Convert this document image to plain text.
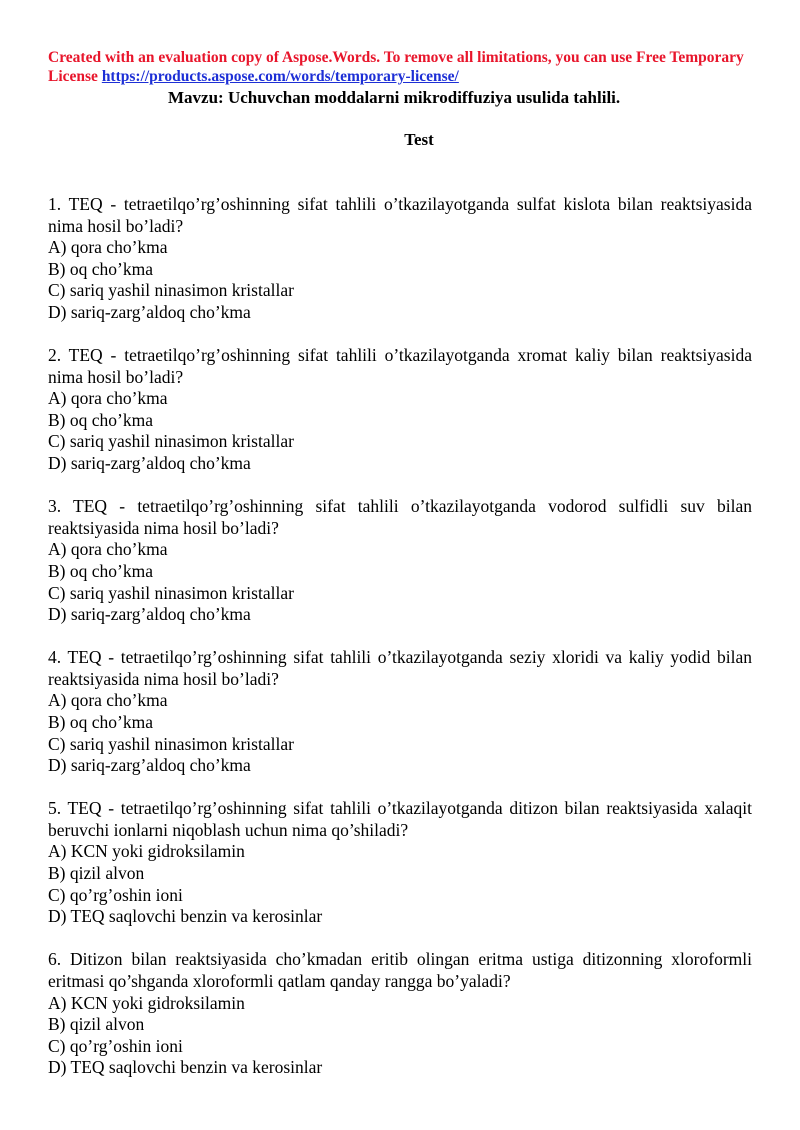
Created with an evaluation copy of Aspose.Words. To remove all limitations, you can use Free Temporary License https://products.aspose.com/words/temporary-license/
Mavzu: Uchuvchan moddalarni mikrodiffuziya usulida tahlili.
Test
1. TEQ - tetraetilqo’rg’oshinning sifat tahlili o’tkazilayotganda sulfat kislota bilan reaktsiyasida nima hosil bo’ladi?
A) qora cho’kma
B) oq cho’kma
C) sariq yashil ninasimon kristallar
D) sariq-zarg’aldoq cho’kma
2. TEQ - tetraetilqo’rg’oshinning sifat tahlili o’tkazilayotganda xromat kaliy bilan reaktsiyasida nima hosil bo’ladi?
A) qora cho’kma
B) oq cho’kma
C) sariq yashil ninasimon kristallar
D) sariq-zarg’aldoq cho’kma
3. TEQ - tetraetilqo’rg’oshinning sifat tahlili o’tkazilayotganda vodorod sulfidli suv bilan reaktsiyasida nima hosil bo’ladi?
A) qora cho’kma
B) oq cho’kma
C) sariq yashil ninasimon kristallar
D) sariq-zarg’aldoq cho’kma
4. TEQ - tetraetilqo’rg’oshinning sifat tahlili o’tkazilayotganda seziy xloridi va kaliy yodid bilan reaktsiyasida nima hosil bo’ladi?
A) qora cho’kma
B) oq cho’kma
C) sariq yashil ninasimon kristallar
D) sariq-zarg’aldoq cho’kma
5. TEQ - tetraetilqo’rg’oshinning sifat tahlili o’tkazilayotganda ditizon bilan reaktsiyasida xalaqit beruvchi ionlarni niqoblash uchun nima qo’shiladi?
A) KCN yoki gidroksilamin
B) qizil alvon
C) qo’rg’oshin ioni
D) TEQ saqlovchi benzin va kerosinlar
6. Ditizon bilan reaktsiyasida cho’kmadan eritib olingan eritma ustiga ditizonning xloroformli eritmasi qo’shganda xloroformli qatlam qanday rangga bo’yaladi?
A) KCN yoki gidroksilamin
B) qizil alvon
C) qo’rg’oshin ioni
D) TEQ saqlovchi benzin va kerosinlar
